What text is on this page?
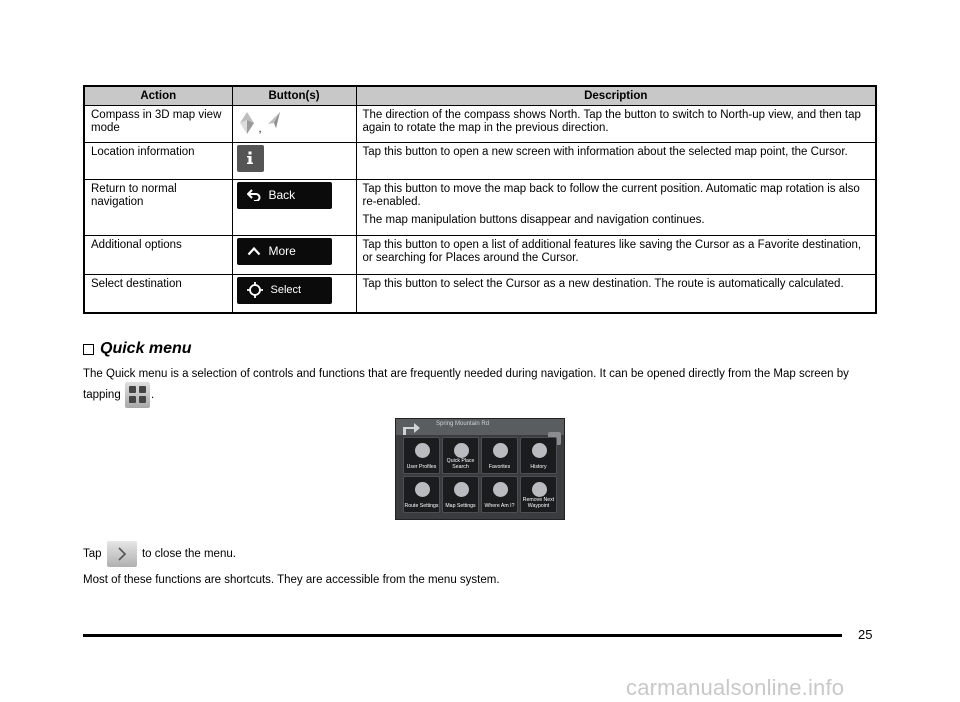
Action	Button(s)	Description
Compass in 3D map view mode	,	The direction of the compass shows North. Tap the button to switch to North-up view, and then tap again to rotate the map in the previous direction.

Location information		Tap this button to open a new screen with information about the selected map point, the Cursor.

Return to normal navigation	Back	Tap this button to move the map back to follow the current position. Automatic map rotation is also re-enabled.

The map manipulation buttons disappear and navigation continues.

Additional options	More	Tap this button to open a list of additional features like saving the Cursor as a Favorite destination, or searching for Places around the Cursor.

Select destination	Select	Tap this button to select the Cursor as a new destination. The route is automatically calculated.

Quick menu
The Quick menu is a selection of controls and functions that are frequently needed during navigation. It can be opened directly from the Map screen by
tapping	.
Spring Mountain Rd
User Profiles
Quick Place Search	Favorites	History
Route Settings	Map Settings	Where Am I?
Remove Next Waypoint
Tap	to close the menu.
Most of these functions are shortcuts. They are accessible from the menu system.
25
carmanualsonline.info
